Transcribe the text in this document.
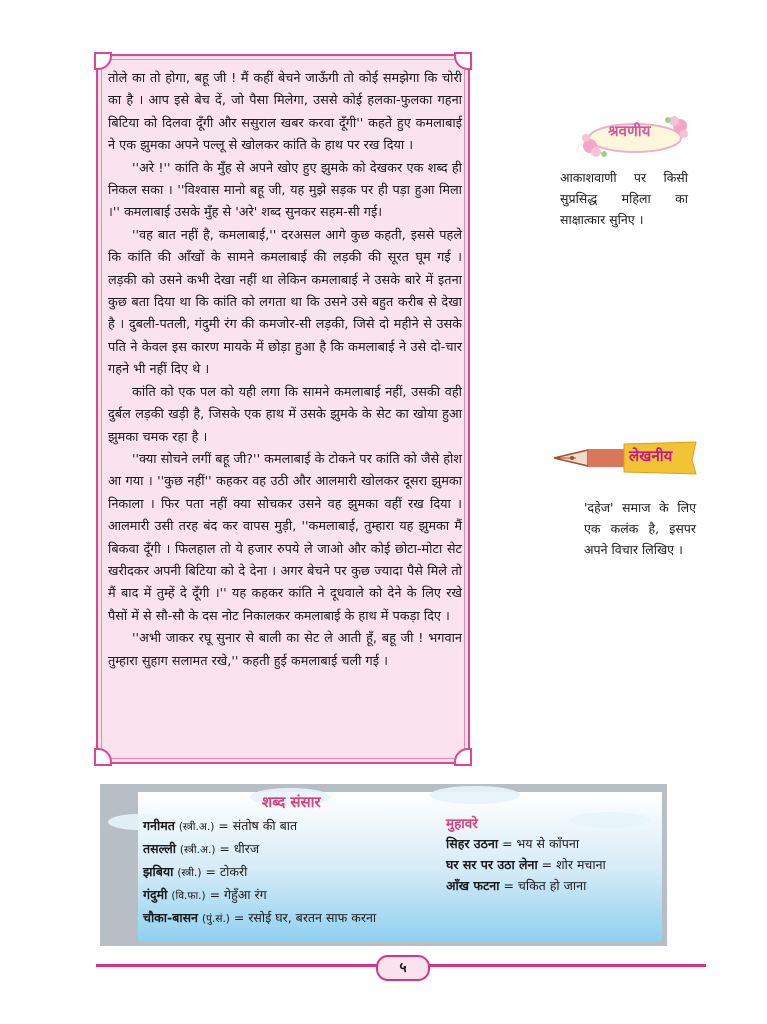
तोले का तो होगा, बहू जी ! मैं कहीं बेचने जाऊँगी तो कोई समझेगा कि चोरी का है । आप इसे बेच दें, जो पैसा मिलेगा, उससे कोई हलका-फुलका गहना बिटिया को दिलवा दूँगी और ससुराल खबर करवा दूँगी'' कहते हुए कमलाबाई ने एक झुमका अपने पल्लू से खोलकर कांति के हाथ पर रख दिया ।

''अरे !'' कांति के मुँह से अपने खोए हुए झुमके को देखकर एक शब्द ही निकल सका । ''विश्वास मानो बहू जी, यह मुझे सड़क पर ही पड़ा हुआ मिला ।'' कमलाबाई उसके मुँह से 'अरे' शब्द सुनकर सहम-सी गई।

''वह बात नहीं है, कमलाबाई,'' दरअसल आगे कुछ कहती, इससे पहले कि कांति की आँखों के सामने कमलाबाई की लड़की की सूरत घूम गई । लड़की को उसने कभी देखा नहीं था लेकिन कमलाबाई ने उसके बारे में इतना कुछ बता दिया था कि कांति को लगता था कि उसने उसे बहुत करीब से देखा है । दुबली-पतली, गंदुमी रंग की कमजोर-सी लड़की, जिसे दो महीने से उसके पति ने केवल इस कारण मायके में छोड़ा हुआ है कि कमलाबाई ने उसे दो-चार गहने भी नहीं दिए थे ।

कांति को एक पल को यही लगा कि सामने कमलाबाई नहीं, उसकी वही दुर्बल लड़की खड़ी है, जिसके एक हाथ में उसके झुमके के सेट का खोया हुआ झुमका चमक रहा है ।

''क्या सोचने लगीं बहू जी?'' कमलाबाई के टोकने पर कांति को जैसे होश आ गया । ''कुछ नहीं'' कहकर वह उठी और आलमारी खोलकर दूसरा झुमका निकाला । फिर पता नहीं क्या सोचकर उसने वह झुमका वहीं रख दिया । आलमारी उसी तरह बंद कर वापस मुड़ी, ''कमलाबाई, तुम्हारा यह झुमका मैं बिकवा दूँगी । फिलहाल तो ये हजार रुपये ले जाओ और कोई छोटा-मोटा सेट खरीदकर अपनी बिटिया को दे देना । अगर बेचने पर कुछ ज्यादा पैसे मिले तो मैं बाद में तुम्हें दे दूँगी ।'' यह कहकर कांति ने दूधवाले को देने के लिए रखे पैसों में से सौ-सौ के दस नोट निकालकर कमलाबाई के हाथ में पकड़ा दिए ।

''अभी जाकर रघू सुनार से बाली का सेट ले आती हूँ, बहू जी ! भगवान तुम्हारा सुहाग सलामत रखे,'' कहती हुई कमलाबाई चली गई ।

श्रवणीय
आकाशवाणी पर किसी सुप्रसिद्ध महिला का साक्षात्कार सुनिए ।
लेखनीय
'दहेज' समाज के लिए एक कलंक है, इसपर अपने विचार लिखिए ।
शब्द संसार
गनीमत (स्त्री.अ.) = संतोष की बात
तसल्ली (स्त्री.अ.) = धीरज
झबिया (स्त्री.) = टोकरी
गंदुमी (वि.फा.) = गेहुँआ रंग
चौका-बासन (पुं.सं.) = रसोई घर, बरतन साफ करना
मुहावरे
सिहर उठना = भय से काँपना
घर सर पर उठा लेना = शोर मचाना
आँख फटना = चकित हो जाना
५
